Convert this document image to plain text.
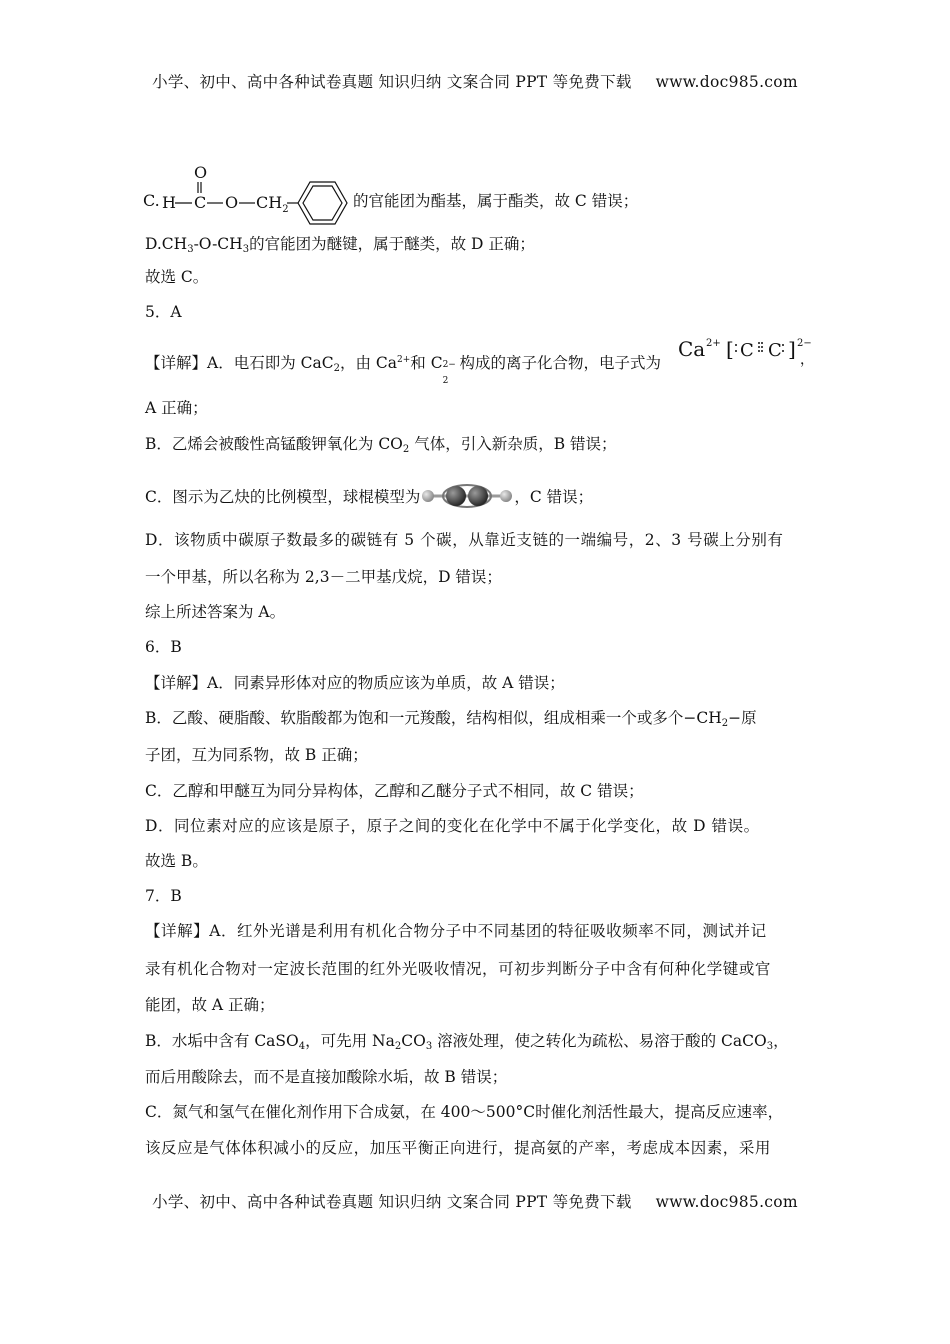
小学、初中、高中各种试卷真题 知识归纳 文案合同 PPT 等免费下载 www.doc985.com
C. H C
O
O $CH_2$	的官能团为酯基，属于酯类，故 C 错误；
$D.CH_3-O-CH_3$的官能团为醚键，属于醚类，故 D 正确；
故选 C。
5．A
【详解】A．电石即为 CaC$_2$，由 $Ca^{2+}$和 C 2−
2
构成的离子化合物，电子式为
Ca 2+ [ C C ] 2−
，
A 正确；
B．乙烯会被酸性高锰酸钾氧化为 $CO_2$ 气体，引入新杂质，B 错误；
C．图示为乙炔的比例模型，球棍模型为	，C 错误；
D．该物质中碳原子数最多的碳链有 5 个碳，从靠近支链的一端编号，2、3 号碳上分别有
一个甲基，所以名称为 2,3－二甲基戊烷，D 错误；
综上所述答案为 A。
6．B
【详解】A．同素异形体对应的物质应该为单质，故 A 错误；
B．乙酸、硬脂酸、软脂酸都为饱和一元羧酸，结构相似，组成相乘一个或多个$-CH_2-$原
子团，互为同系物，故 B 正确；
C．乙醇和甲醚互为同分异构体，乙醇和乙醚分子式不相同，故 C 错误；
D．同位素对应的应该是原子，原子之间的变化在化学中不属于化学变化，故 D 错误。
故选 B。
7．B
【详解】A．红外光谱是利用有机化合物分子中不同基团的特征吸收频率不同，测试并记
录有机化合物对一定波长范围的红外光吸收情况，可初步判断分子中含有何种化学键或官
能团，故 A 正确；
B．水垢中含有 CaSO$_4$，可先用 $Na_2CO_3$ 溶液处理，使之转化为疏松、易溶于酸的 CaCO$_3$，
而后用酸除去，而不是直接加酸除水垢，故 B 错误；
C．氮气和氢气在催化剂作用下合成氨，在 400～500°C时催化剂活性最大，提高反应速率，
该反应是气体体积减小的反应，加压平衡正向进行，提高氨的产率，考虑成本因素，采用
小学、初中、高中各种试卷真题 知识归纳 文案合同 PPT 等免费下载 www.doc985.com
